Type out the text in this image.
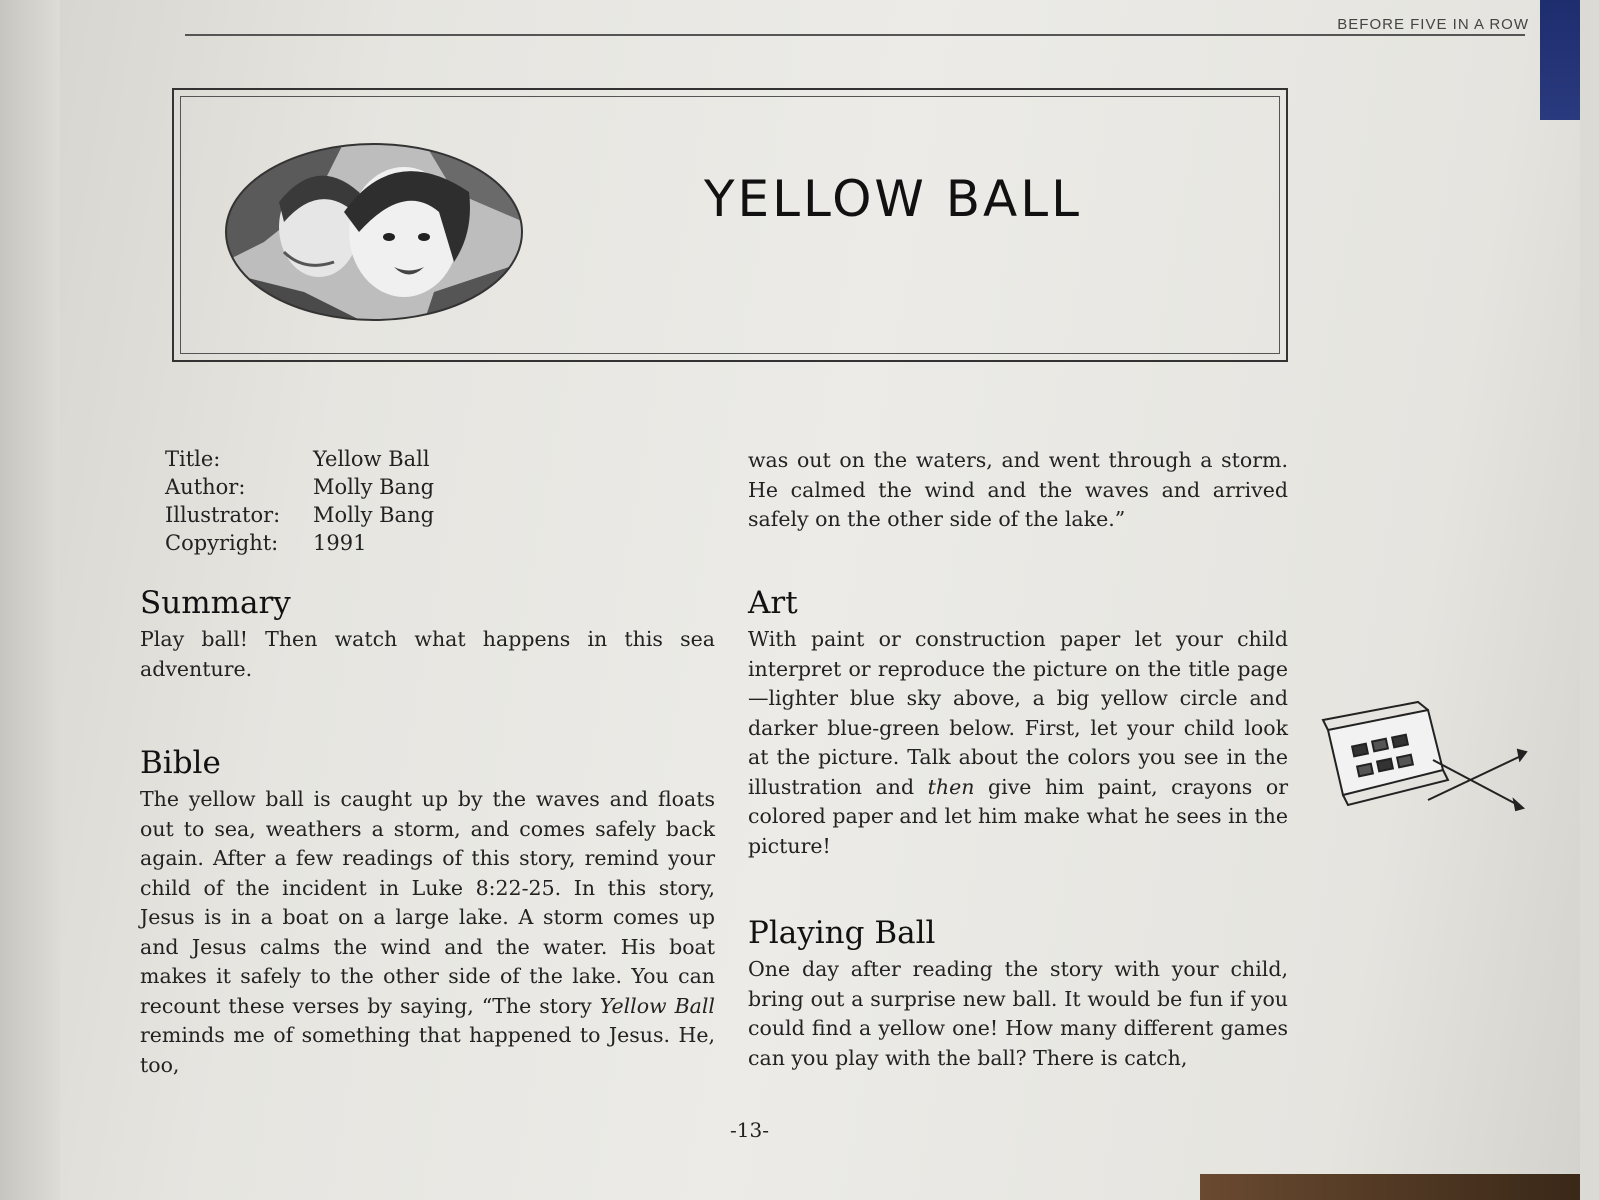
BEFORE FIVE IN A ROW
YELLOW BALL
Title:	Yellow Ball
Author:	Molly Bang
Illustrator:	Molly Bang
Copyright:	1991
Summary

Play ball! Then watch what happens in this sea adventure.

Bible

The yellow ball is caught up by the waves and floats out to sea, weathers a storm, and comes safely back again. After a few readings of this story, remind your child of the incident in Luke 8:22-25. In this story, Jesus is in a boat on a large lake. A storm comes up and Jesus calms the wind and the water. His boat makes it safely to the other side of the lake. You can recount these verses by saying, “The story Yellow Ball reminds me of something that happened to Jesus. He, too,

was out on the waters, and went through a storm. He calmed the wind and the waves and arrived safely on the other side of the lake.”

Art

With paint or construction paper let your child interpret or reproduce the picture on the title page—lighter blue sky above, a big yellow circle and darker blue-green below. First, let your child look at the picture. Talk about the colors you see in the illustration and then give him paint, crayons or colored paper and let him make what he sees in the picture!

Playing Ball

One day after reading the story with your child, bring out a surprise new ball. It would be fun if you could find a yellow one! How many different games can you play with the ball? There is catch,

-13-
